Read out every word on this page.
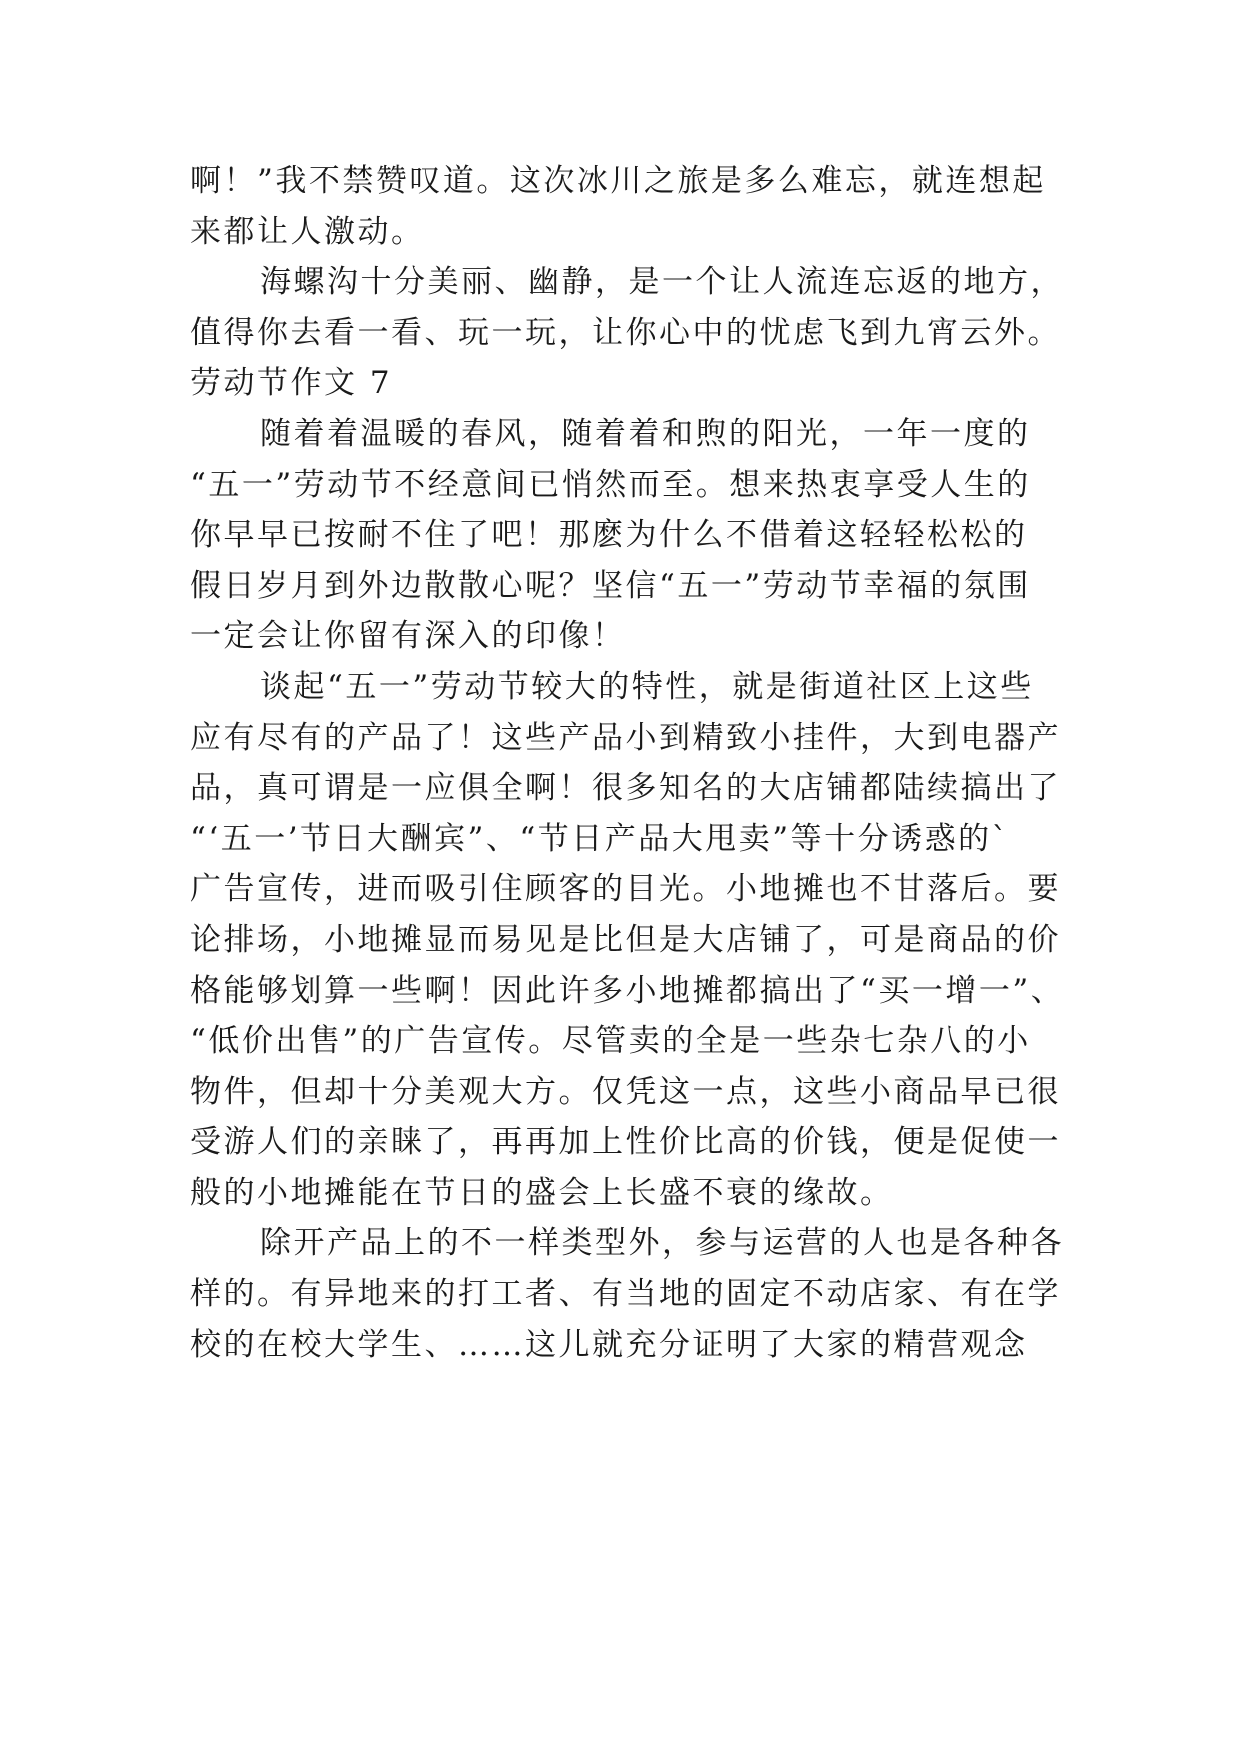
啊！”我不禁赞叹道。这次冰川之旅是多么难忘，就连想起
来都让人激动。
海螺沟十分美丽、幽静，是一个让人流连忘返的地方，
值得你去看一看、玩一玩，让你心中的忧虑飞到九宵云外。
劳动节作文 7
随着着温暖的春风，随着着和煦的阳光，一年一度的
“五一”劳动节不经意间已悄然而至。想来热衷享受人生的
你早早已按耐不住了吧！那麽为什么不借着这轻轻松松的
假日岁月到外边散散心呢？坚信“五一”劳动节幸福的氛围
一定会让你留有深入的印像！
谈起“五一”劳动节较大的特性，就是街道社区上这些
应有尽有的产品了！这些产品小到精致小挂件，大到电器产
品，真可谓是一应俱全啊！很多知名的大店铺都陆续搞出了
“‘五一’节日大酬宾”、“节日产品大甩卖”等十分诱惑的`
广告宣传，进而吸引住顾客的目光。小地摊也不甘落后。要
论排场，小地摊显而易见是比但是大店铺了，可是商品的价
格能够划算一些啊！因此许多小地摊都搞出了“买一增一”、
“低价出售”的广告宣传。尽管卖的全是一些杂七杂八的小
物件，但却十分美观大方。仅凭这一点，这些小商品早已很
受游人们的亲睐了，再再加上性价比高的价钱，便是促使一
般的小地摊能在节日的盛会上长盛不衰的缘故。
除开产品上的不一样类型外，参与运营的人也是各种各
样的。有异地来的打工者、有当地的固定不动店家、有在学
校的在校大学生、……这儿就充分证明了大家的精营观念
